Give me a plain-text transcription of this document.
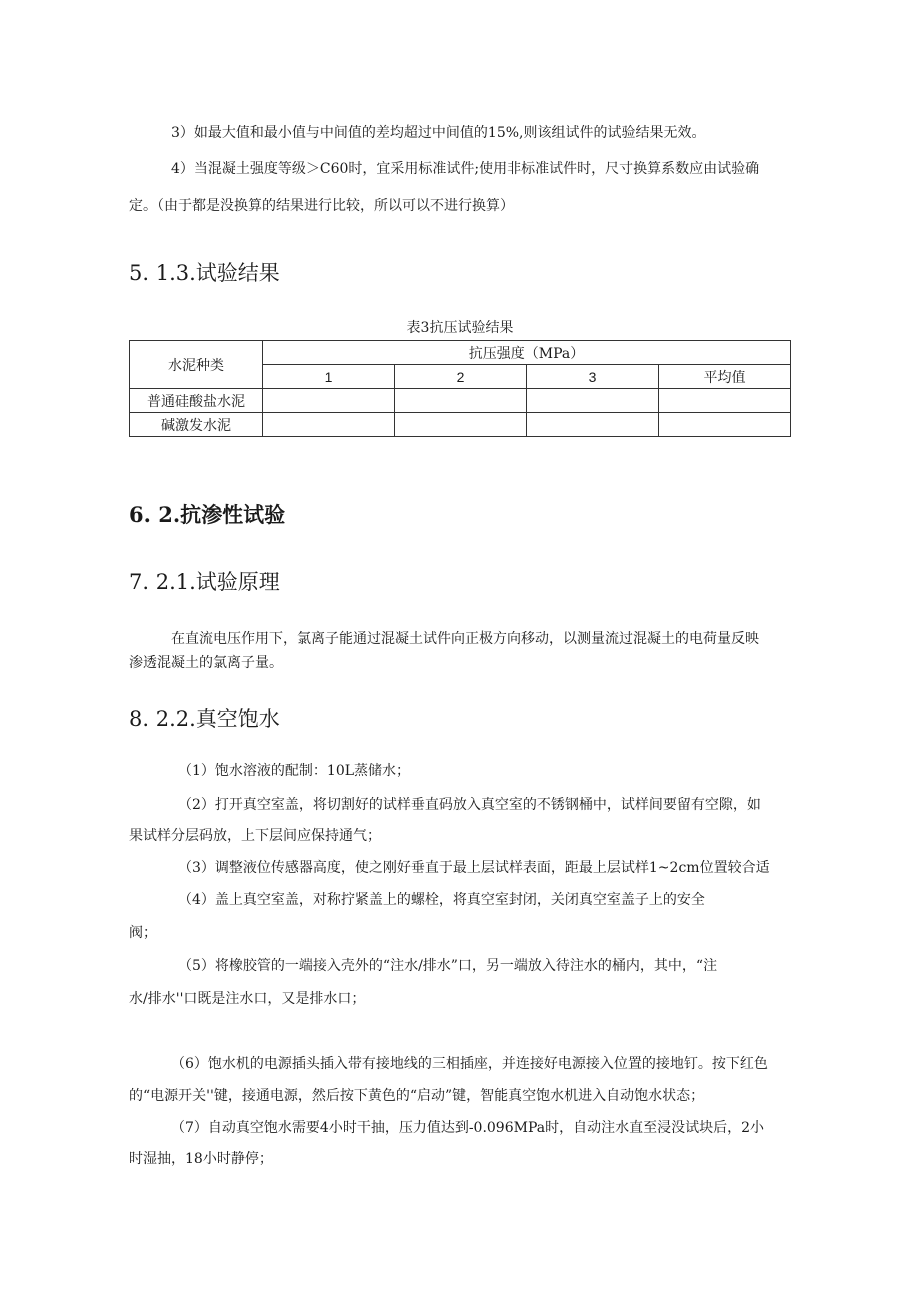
3）如最大值和最小值与中间值的差均超过中间值的15%,则该组试件的试验结果无效。
4）当混凝土强度等级＞C60时，宜采用标准试件;使用非标准试件时，尺寸换算系数应由试验确
定。（由于都是没换算的结果进行比较，所以可以不进行换算）
5. 1.3.试验结果
表3抗压试验结果
水泥种类	抗压强度（MPa）			
	1	2	3	平均值
普通硅酸盐水泥				
碱激发水泥				
6. 2.抗渗性试验
7. 2.1.试验原理
在直流电压作用下，氯离子能通过混凝土试件向正极方向移动，以测量流过混凝土的电荷量反映
渗透混凝土的氯离子量。
8. 2.2.真空饱水
（1）饱水溶液的配制：10L蒸储水；
（2）打开真空室盖，将切割好的试样垂直码放入真空室的不锈钢桶中，试样间要留有空隙，如
果试样分层码放，上下层间应保持通气；
（3）调整液位传感器高度，使之刚好垂直于最上层试样表面，距最上层试样1~2cm位置较合适
（4）盖上真空室盖，对称拧紧盖上的螺栓，将真空室封闭，关闭真空室盖子上的安全
阀；
（5）将橡胶管的一端接入壳外的“注水/排水”口，另一端放入待注水的桶内，其中，“注
水/排水''口既是注水口，又是排水口；
（6）饱水机的电源插头插入带有接地线的三相插座，并连接好电源接入位置的接地钉。按下红色
的“电源开关''键，接通电源，然后按下黄色的“启动”键，智能真空饱水机进入自动饱水状态；
（7）自动真空饱水需要4小时干抽，压力值达到-0.096MPa时，自动注水直至浸没试块后，2小
时湿抽，18小时静停；
